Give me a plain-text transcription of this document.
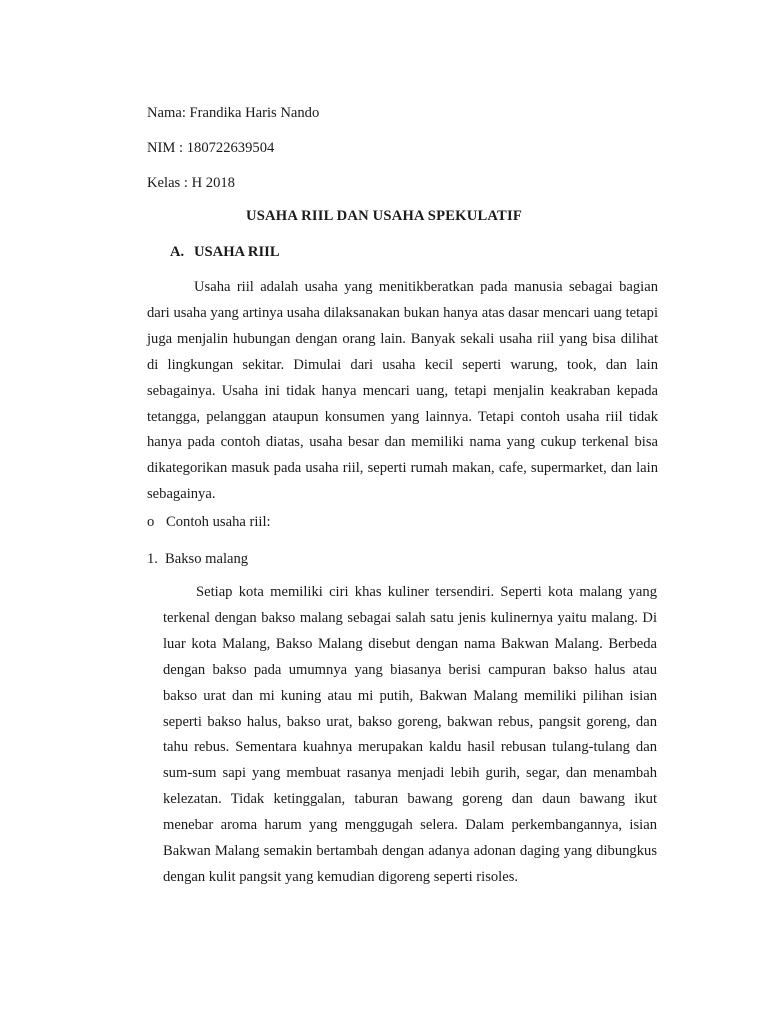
Nama: Frandika Haris Nando
NIM : 180722639504
Kelas : H 2018
USAHA RIIL DAN USAHA SPEKULATIF
A. USAHA RIIL

Usaha riil adalah usaha yang menitikberatkan pada manusia sebagai bagian dari usaha yang artinya usaha dilaksanakan bukan hanya atas dasar mencari uang tetapi juga menjalin hubungan dengan orang lain. Banyak sekali usaha riil yang bisa dilihat di lingkungan sekitar. Dimulai dari usaha kecil seperti warung, took, dan lain sebagainya. Usaha ini tidak hanya mencari uang, tetapi menjalin keakraban kepada tetangga, pelanggan ataupun konsumen yang lainnya. Tetapi contoh usaha riil tidak hanya pada contoh diatas, usaha besar dan memiliki nama yang cukup terkenal bisa dikategorikan masuk pada usaha riil, seperti rumah makan, cafe, supermarket, dan lain sebagainya.

o Contoh usaha riil:
1. Bakso malang

Setiap kota memiliki ciri khas kuliner tersendiri. Seperti kota malang yang terkenal dengan bakso malang sebagai salah satu jenis kulinernya yaitu malang. Di luar kota Malang, Bakso Malang disebut dengan nama Bakwan Malang. Berbeda dengan bakso pada umumnya yang biasanya berisi campuran bakso halus atau bakso urat dan mi kuning atau mi putih, Bakwan Malang memiliki pilihan isian seperti bakso halus, bakso urat, bakso goreng, bakwan rebus, pangsit goreng, dan tahu rebus. Sementara kuahnya merupakan kaldu hasil rebusan tulang-tulang dan sum-sum sapi yang membuat rasanya menjadi lebih gurih, segar, dan menambah kelezatan. Tidak ketinggalan, taburan bawang goreng dan daun bawang ikut menebar aroma harum yang menggugah selera. Dalam perkembangannya, isian Bakwan Malang semakin bertambah dengan adanya adonan daging yang dibungkus dengan kulit pangsit yang kemudian digoreng seperti risoles.
